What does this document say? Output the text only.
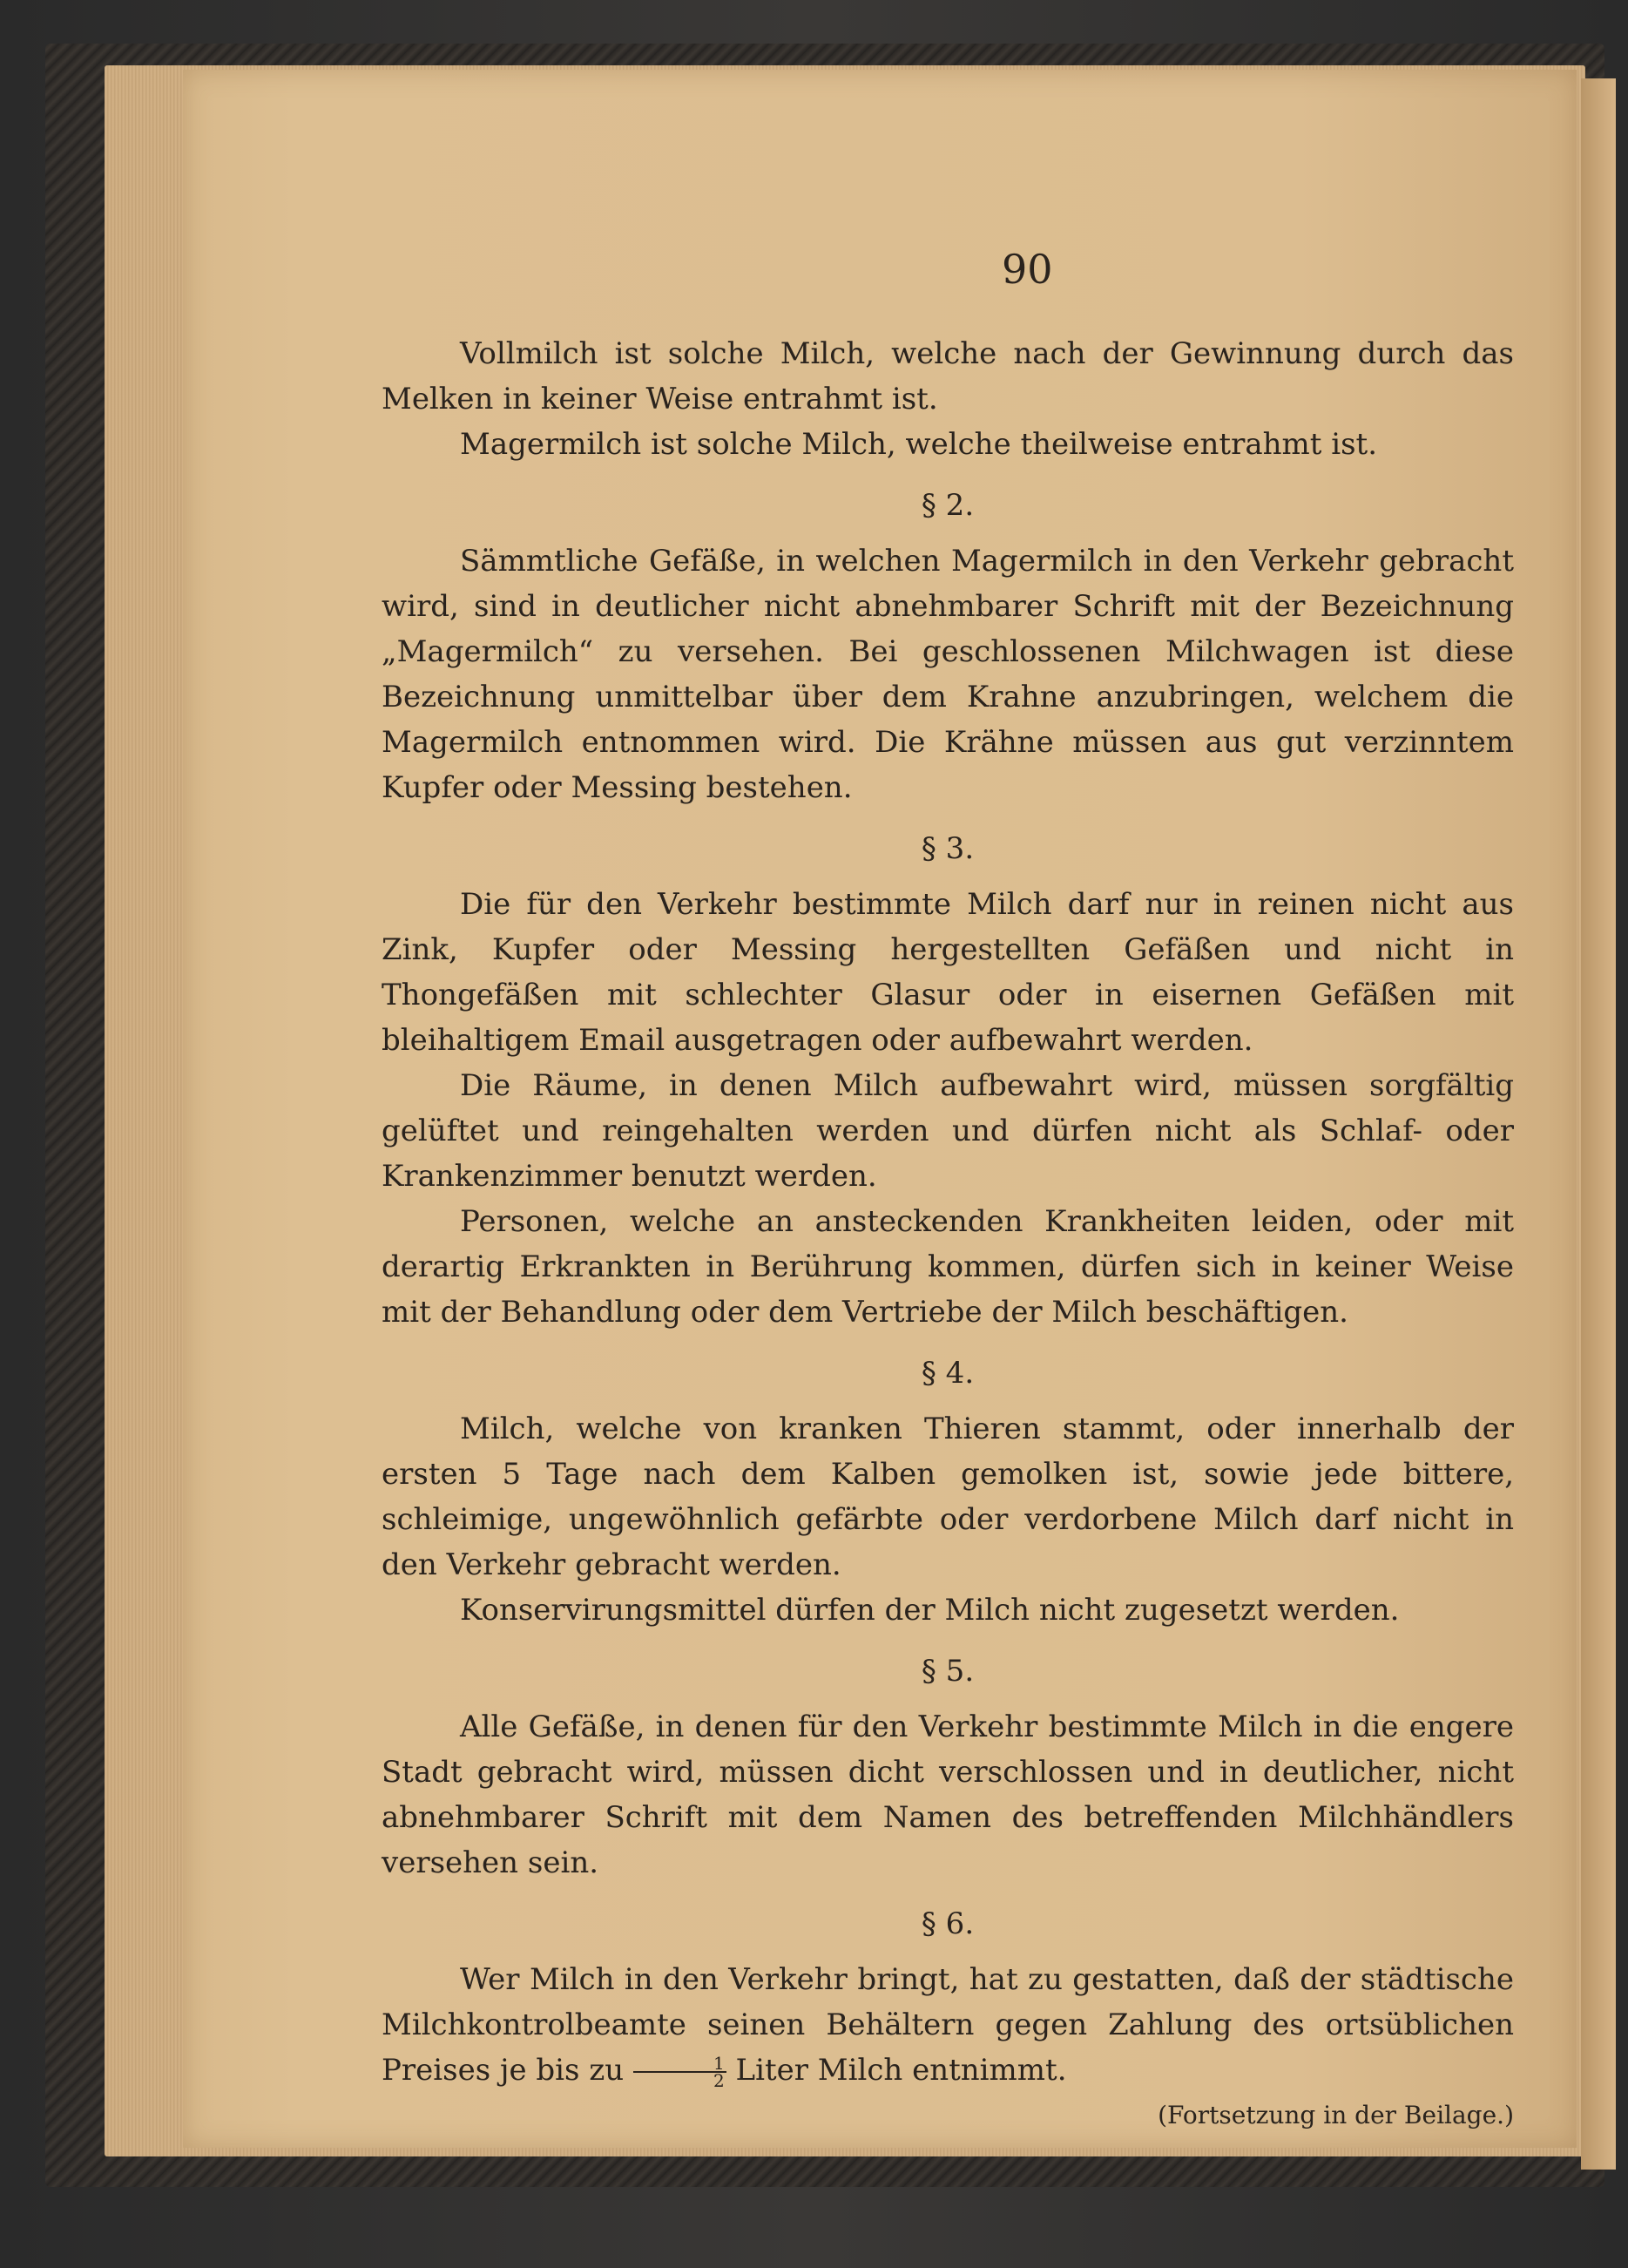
90

Vollmilch ist solche Milch, welche nach der Gewinnung durch das Melken in keiner Weise entrahmt ist.

Magermilch ist solche Milch, welche theilweise entrahmt ist.

§ 2.

Sämmtliche Gefäße, in welchen Magermilch in den Verkehr gebracht wird, sind in deutlicher nicht abnehmbarer Schrift mit der Bezeichnung „Magermilch“ zu versehen. Bei geschlossenen Milchwagen ist diese Bezeichnung unmittelbar über dem Krahne anzubringen, welchem die Magermilch entnommen wird. Die Krähne müssen aus gut verzinntem Kupfer oder Messing bestehen.

§ 3.

Die für den Verkehr bestimmte Milch darf nur in reinen nicht aus Zink, Kupfer oder Messing hergestellten Gefäßen und nicht in Thongefäßen mit schlechter Glasur oder in eisernen Gefäßen mit bleihaltigem Email ausgetragen oder aufbewahrt werden.

Die Räume, in denen Milch aufbewahrt wird, müssen sorgfältig gelüftet und reingehalten werden und dürfen nicht als Schlaf- oder Krankenzimmer benutzt werden.

Personen, welche an ansteckenden Krankheiten leiden, oder mit derartig Erkrankten in Berührung kommen, dürfen sich in keiner Weise mit der Behandlung oder dem Vertriebe der Milch beschäftigen.

§ 4.

Milch, welche von kranken Thieren stammt, oder innerhalb der ersten 5 Tage nach dem Kalben gemolken ist, sowie jede bittere, schleimige, ungewöhnlich gefärbte oder verdorbene Milch darf nicht in den Verkehr gebracht werden.

Konservirungsmittel dürfen der Milch nicht zugesetzt werden.

§ 5.

Alle Gefäße, in denen für den Verkehr bestimmte Milch in die engere Stadt gebracht wird, müssen dicht verschlossen und in deutlicher, nicht abnehmbarer Schrift mit dem Namen des betreffenden Milchhändlers versehen sein.

§ 6.

Wer Milch in den Verkehr bringt, hat zu gestatten, daß der städtische Milchkontrolbeamte seinen Behältern gegen Zahlung des ortsüblichen Preises je bis zu $\frac{1}{2}$ Liter Milch entnimmt.

(Fortsetzung in der Beilage.)
